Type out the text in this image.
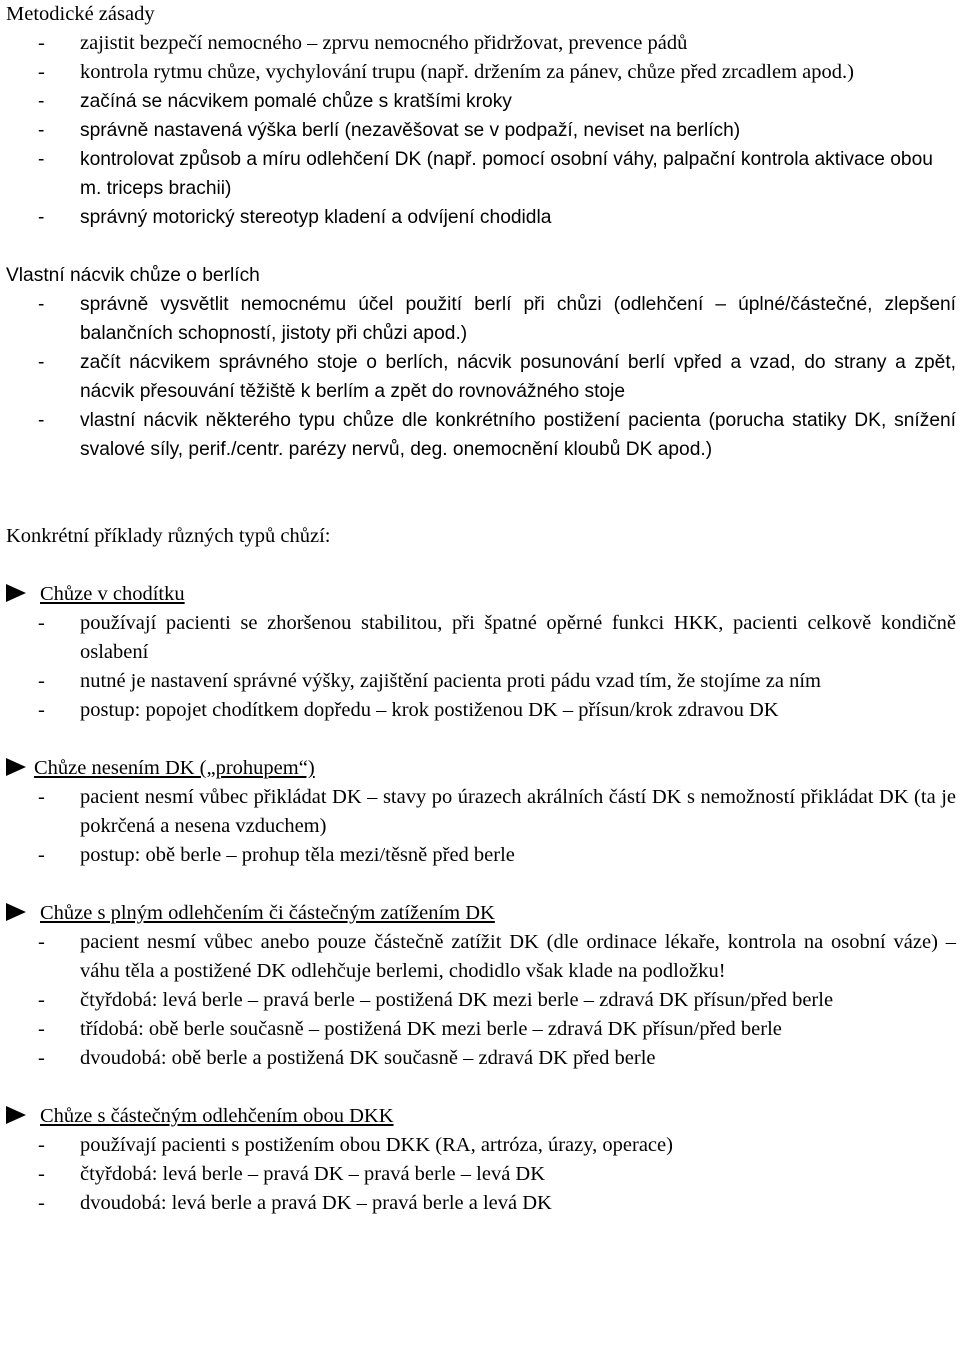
Metodické zásady
-	zajistit bezpečí nemocného – zprvu nemocného přidržovat, prevence pádů
-	kontrola rytmu chůze, vychylování trupu (např. držením za pánev, chůze před zrcadlem apod.)
-	začíná se nácvikem pomalé chůze s kratšími kroky
-	správně nastavená výška berlí (nezavěšovat se v podpaží, neviset na berlích)
-	kontrolovat způsob a míru odlehčení DK (např. pomocí osobní váhy, palpační kontrola aktivace obou m. triceps brachii)
-	správný motorický stereotyp kladení a odvíjení chodidla
Vlastní nácvik chůze o berlích
-	správně vysvětlit nemocnému účel použití berlí při chůzi (odlehčení – úplné/částečné, zlepšení balančních schopností, jistoty při chůzi apod.)
-	začít nácvikem správného stoje o berlích, nácvik posunování berlí vpřed a vzad, do strany a zpět, nácvik přesouvání těžiště k berlím a zpět do rovnovážného stoje
-	vlastní nácvik některého typu chůze dle konkrétního postižení pacienta (porucha statiky DK, snížení svalové síly, perif./centr. parézy nervů, deg. onemocnění kloubů DK apod.)
Konkrétní příklady různých typů chůzí:
Chůze v chodítku
-	používají pacienti se zhoršenou stabilitou, při špatné opěrné funkci HKK, pacienti celkově kondičně oslabení
-	nutné je nastavení správné výšky, zajištění pacienta proti pádu vzad tím, že stojíme za ním
-	postup: popojet chodítkem dopředu – krok postiženou DK – přísun/krok zdravou DK
Chůze nesením DK („prohupem“)
-	pacient nesmí vůbec přikládat DK – stavy po úrazech akrálních částí DK s nemožností přikládat DK (ta je pokrčená a nesena vzduchem)
-	postup: obě berle – prohup těla mezi/těsně před berle
Chůze s plným odlehčením či částečným zatížením DK
-	pacient nesmí vůbec anebo pouze částečně zatížit DK (dle ordinace lékaře, kontrola na osobní váze) – váhu těla a postižené DK odlehčuje berlemi, chodidlo však klade na podložku!
-	čtyřdobá: levá berle – pravá berle – postižená DK mezi berle – zdravá DK přísun/před berle
-	třídobá: obě berle současně – postižená DK mezi berle – zdravá DK přísun/před berle
-	dvoudobá: obě berle a postižená DK současně – zdravá DK před berle
Chůze s částečným odlehčením obou DKK
-	používají pacienti s postižením obou DKK (RA, artróza, úrazy, operace)
-	čtyřdobá: levá berle – pravá DK – pravá berle – levá DK
-	dvoudobá: levá berle a pravá DK – pravá berle a levá DK
